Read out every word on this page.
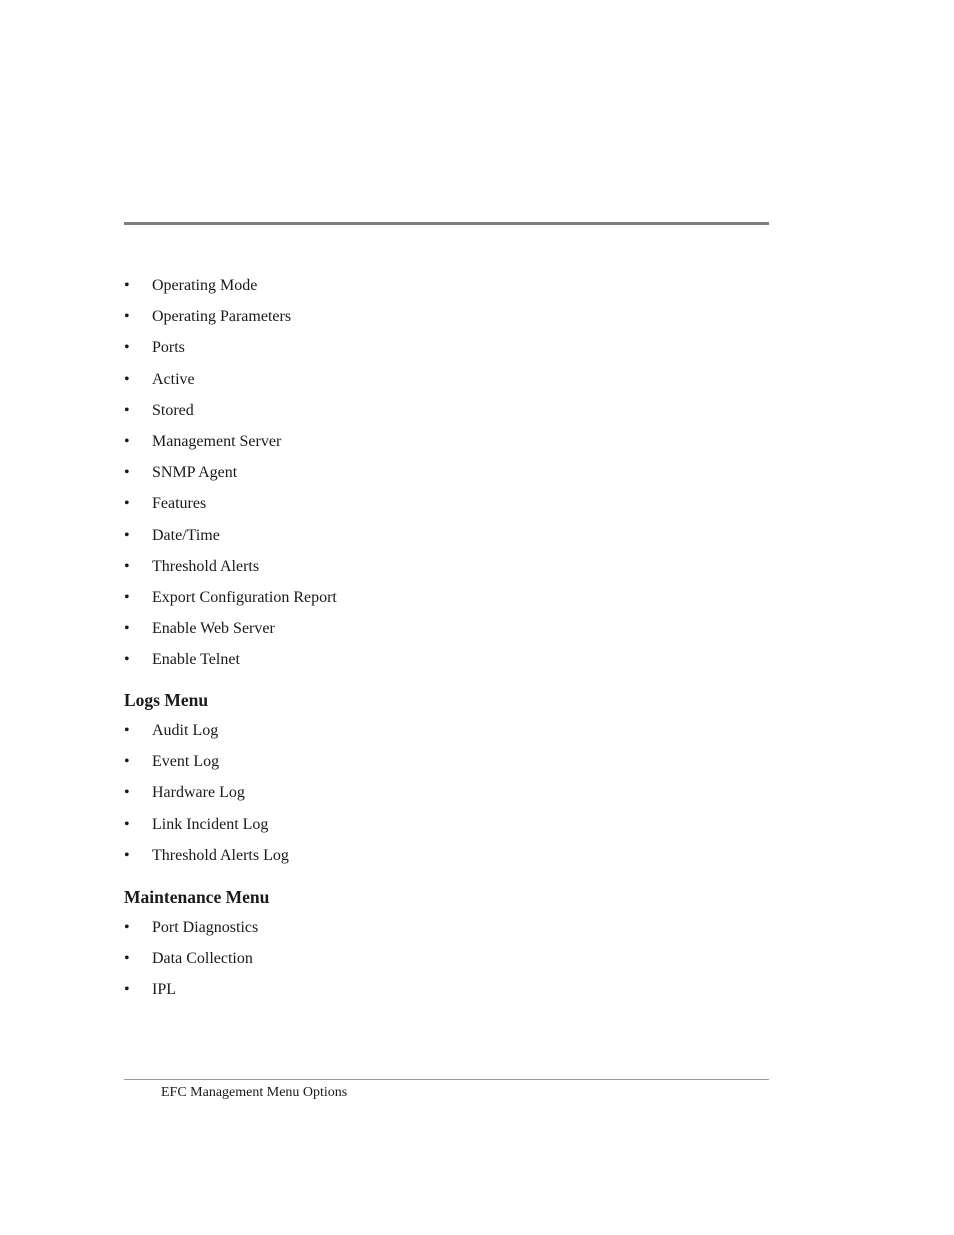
• Operating Mode
• Operating Parameters
• Ports
• Active
• Stored
• Management Server
• SNMP Agent
• Features
• Date/Time
• Threshold Alerts
• Export Configuration Report
• Enable Web Server
• Enable Telnet
Logs Menu
• Audit Log
• Event Log
• Hardware Log
• Link Incident Log
• Threshold Alerts Log
Maintenance Menu
• Port Diagnostics
• Data Collection
• IPL
EFC Management Menu Options
